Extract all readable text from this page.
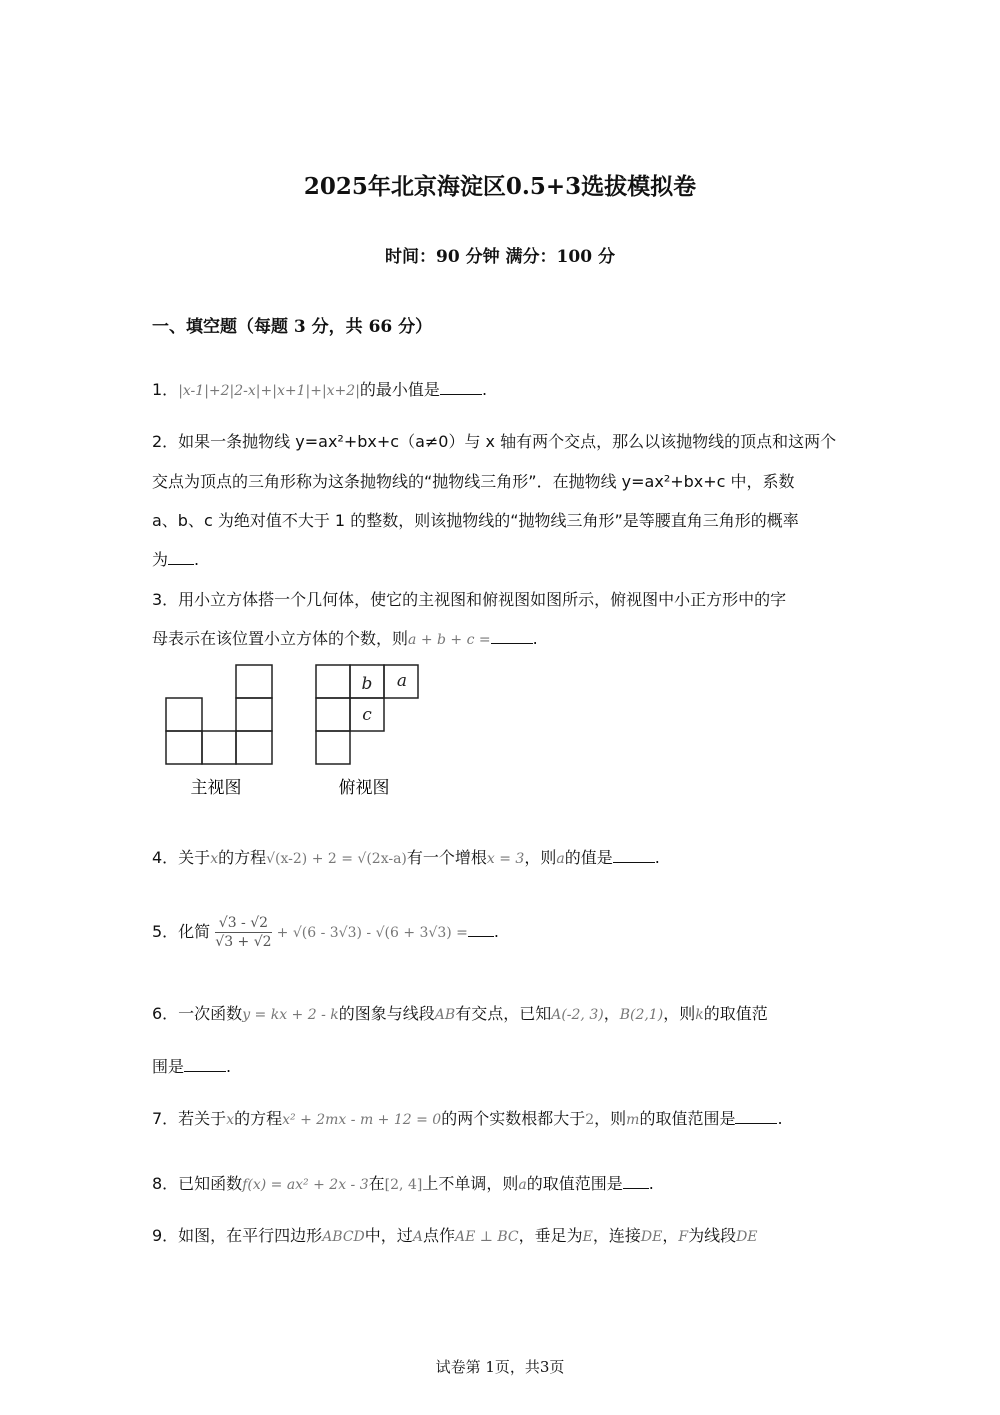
2025年北京海淀区0.5+3选拔模拟卷
时间：90 分钟 满分：100 分
一、填空题（每题 3 分，共 66 分）
1．|x-1|+2|2-x|+|x+1|+|x+2|的最小值是	.
2．如果一条抛物线 y=ax²+bx+c（a≠0）与 x 轴有两个交点，那么以该抛物线的顶点和这两个
交点为顶点的三角形称为这条抛物线的“抛物线三角形”．在抛物线 y=ax²+bx+c 中，系数
a、b、c 为绝对值不大于 1 的整数，则该抛物线的“抛物线三角形”是等腰直角三角形的概率
为 .
3．用小立方体搭一个几何体，使它的主视图和俯视图如图所示，俯视图中小正方形中的字
母表示在该位置小立方体的个数，则a + b + c =	.
b a
c
主视图	俯视图
4．关于x的方程√(x-2) + 2 = √(2x-a)有一个增根x = 3，则a的值是	.
5．化简 $\frac{√3 - √2}{√3 + √2} + √(6 - 3√3) - √(6 + 3√3)$ = .
6．一次函数y = kx + 2 - k的图象与线段AB有交点，已知A(-2, 3)，B(2,1)，则k的取值范
围是	.
7．若关于x的方程x² + 2mx - m + 12 = 0的两个实数根都大于2，则m的取值范围是	.
8．已知函数f(x) = ax² + 2x - 3在[2, 4]上不单调，则a的取值范围是 .
9．如图，在平行四边形ABCD中，过A点作AE ⊥ BC，垂足为E，连接DE，F为线段DE
试卷第 1页，共3页
